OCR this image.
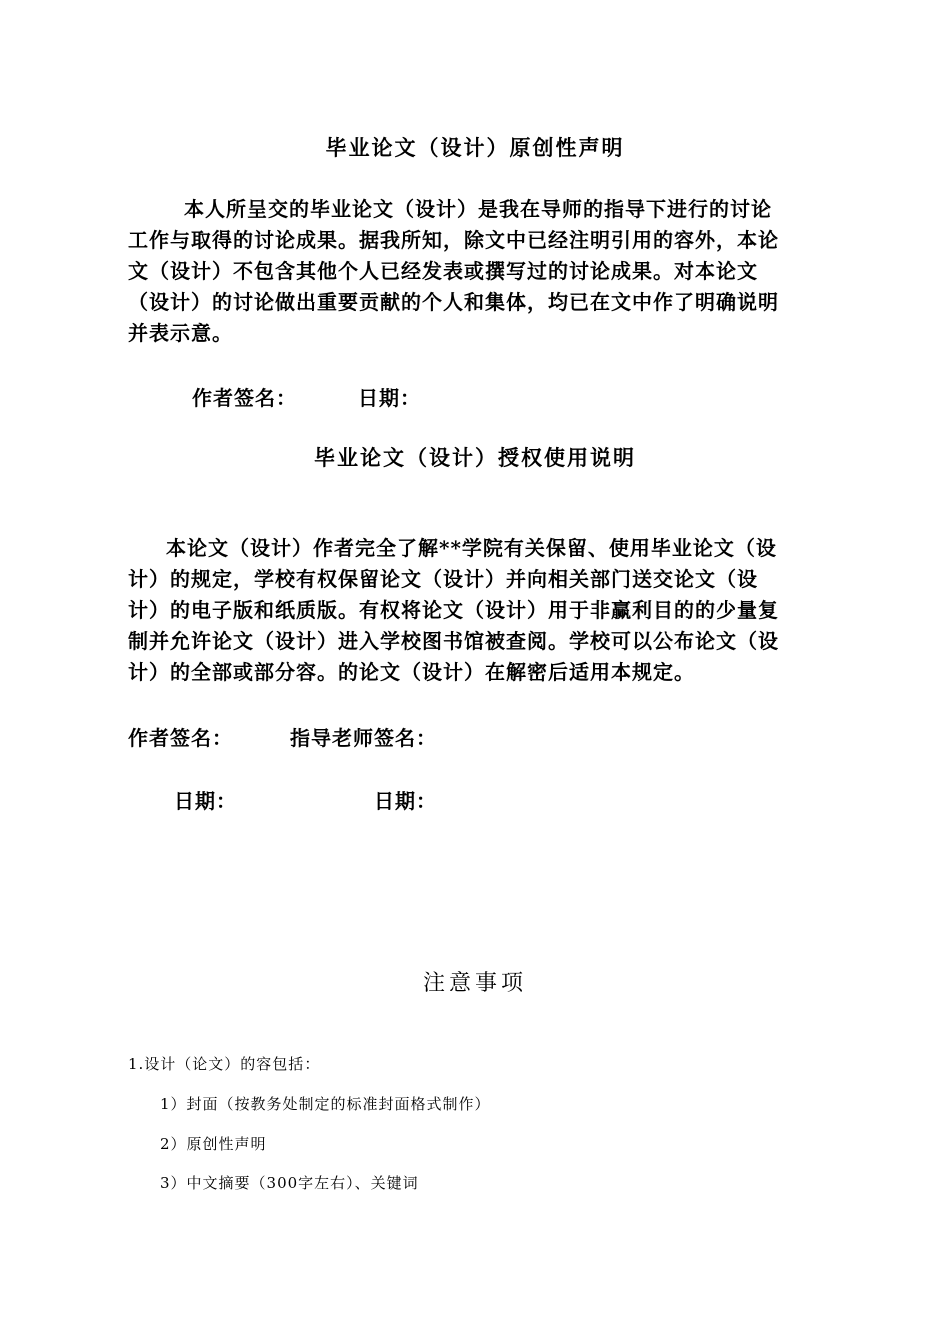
毕业论文（设计）原创性声明
本人所呈交的毕业论文（设计）是我在导师的指导下进行的讨论
工作与取得的讨论成果。据我所知，除文中已经注明引用的容外，本论
文（设计）不包含其他个人已经发表或撰写过的讨论成果。对本论文
（设计）的讨论做出重要贡献的个人和集体，均已在文中作了明确说明
并表示意。
作者签名：	日期：
毕业论文（设计）授权使用说明
本论文（设计）作者完全了解**学院有关保留、使用毕业论文（设
计）的规定，学校有权保留论文（设计）并向相关部门送交论文（设
计）的电子版和纸质版。有权将论文（设计）用于非赢利目的的少量复
制并允许论文（设计）进入学校图书馆被查阅。学校可以公布论文（设
计）的全部或部分容。的论文（设计）在解密后适用本规定。
作者签名：	指导老师签名：
日期：	日期：
注意事项
1.设计（论文）的容包括：
1）封面（按教务处制定的标准封面格式制作）
2）原创性声明
3）中文摘要（300字左右）、关键词
